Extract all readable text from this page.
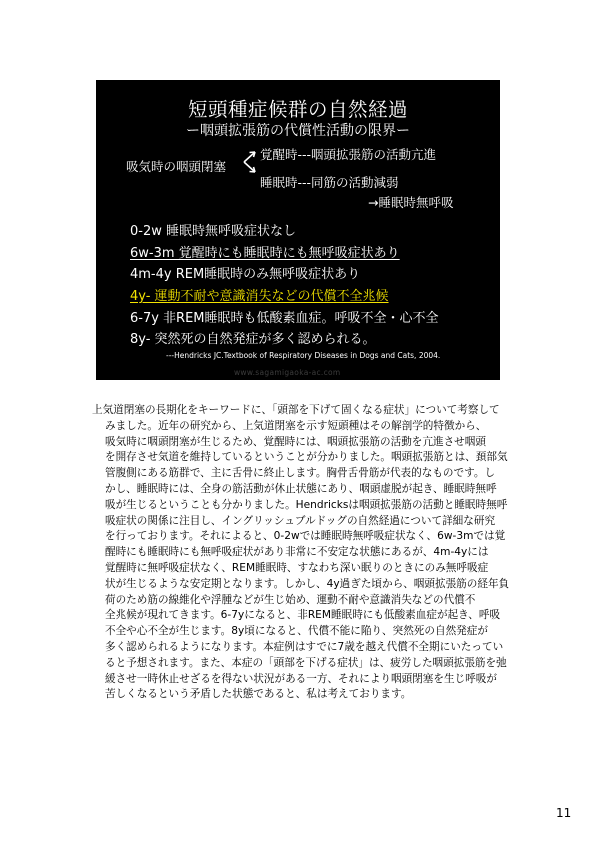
短頭種症候群の自然経過
ー咽頭拡張筋の代償性活動の限界ー
吸気時の咽頭閉塞
覚醒時---咽頭拡張筋の活動亢進
睡眠時---同筋の活動減弱
→睡眠時無呼吸
0-2w 睡眠時無呼吸症状なし
6w-3m 覚醒時にも睡眠時にも無呼吸症状あり
4m-4y REM睡眠時のみ無呼吸症状あり
4y- 運動不耐や意識消失などの代償不全兆候
6-7y 非REM睡眠時も低酸素血症。呼吸不全・心不全
8y- 突然死の自然発症が多く認められる。
---Hendricks JC.Textbook of Respiratory Diseases in Dogs and Cats, 2004.
www.sagamigaoka-ac.com
上気道閉塞の長期化をキーワードに、「頭部を下げて固くなる症状」について考察して
みました。近年の研究から、上気道閉塞を示す短頭種はその解剖学的特徴から、
吸気時に咽頭閉塞が生じるため、覚醒時には、咽頭拡張筋の活動を亢進させ咽頭
を開存させ気道を維持しているということが分かりました。咽頭拡張筋とは、頚部気
管腹側にある筋群で、主に舌骨に終止します。胸骨舌骨筋が代表的なものです。し
かし、睡眠時には、全身の筋活動が休止状態にあり、咽頭虚脱が起き、睡眠時無呼
吸が生じるということも分かりました。Hendricksは咽頭拡張筋の活動と睡眠時無呼
吸症状の関係に注目し、イングリッシュブルドッグの自然経過について詳細な研究
を行っております。それによると、0-2wでは睡眠時無呼吸症状なく、6w-3mでは覚
醒時にも睡眠時にも無呼吸症状があり非常に不安定な状態にあるが、4m-4yには
覚醒時に無呼吸症状なく、REM睡眠時、すなわち深い眠りのときにのみ無呼吸症
状が生じるような安定期となります。しかし、4y過ぎた頃から、咽頭拡張筋の経年負
荷のため筋の線維化や浮腫などが生じ始め、運動不耐や意識消失などの代償不
全兆候が現れてきます。6-7yになると、非REM睡眠時にも低酸素血症が起き、呼吸
不全や心不全が生じます。8y頃になると、代償不能に陥り、突然死の自然発症が
多く認められるようになります。本症例はすでに7歳を越え代償不全期にいたってい
ると予想されます。また、本症の「頭部を下げる症状」は、疲労した咽頭拡張筋を弛
緩させ一時休止せざるを得ない状況がある一方、それにより咽頭閉塞を生じ呼吸が
苦しくなるという矛盾した状態であると、私は考えております。
11
